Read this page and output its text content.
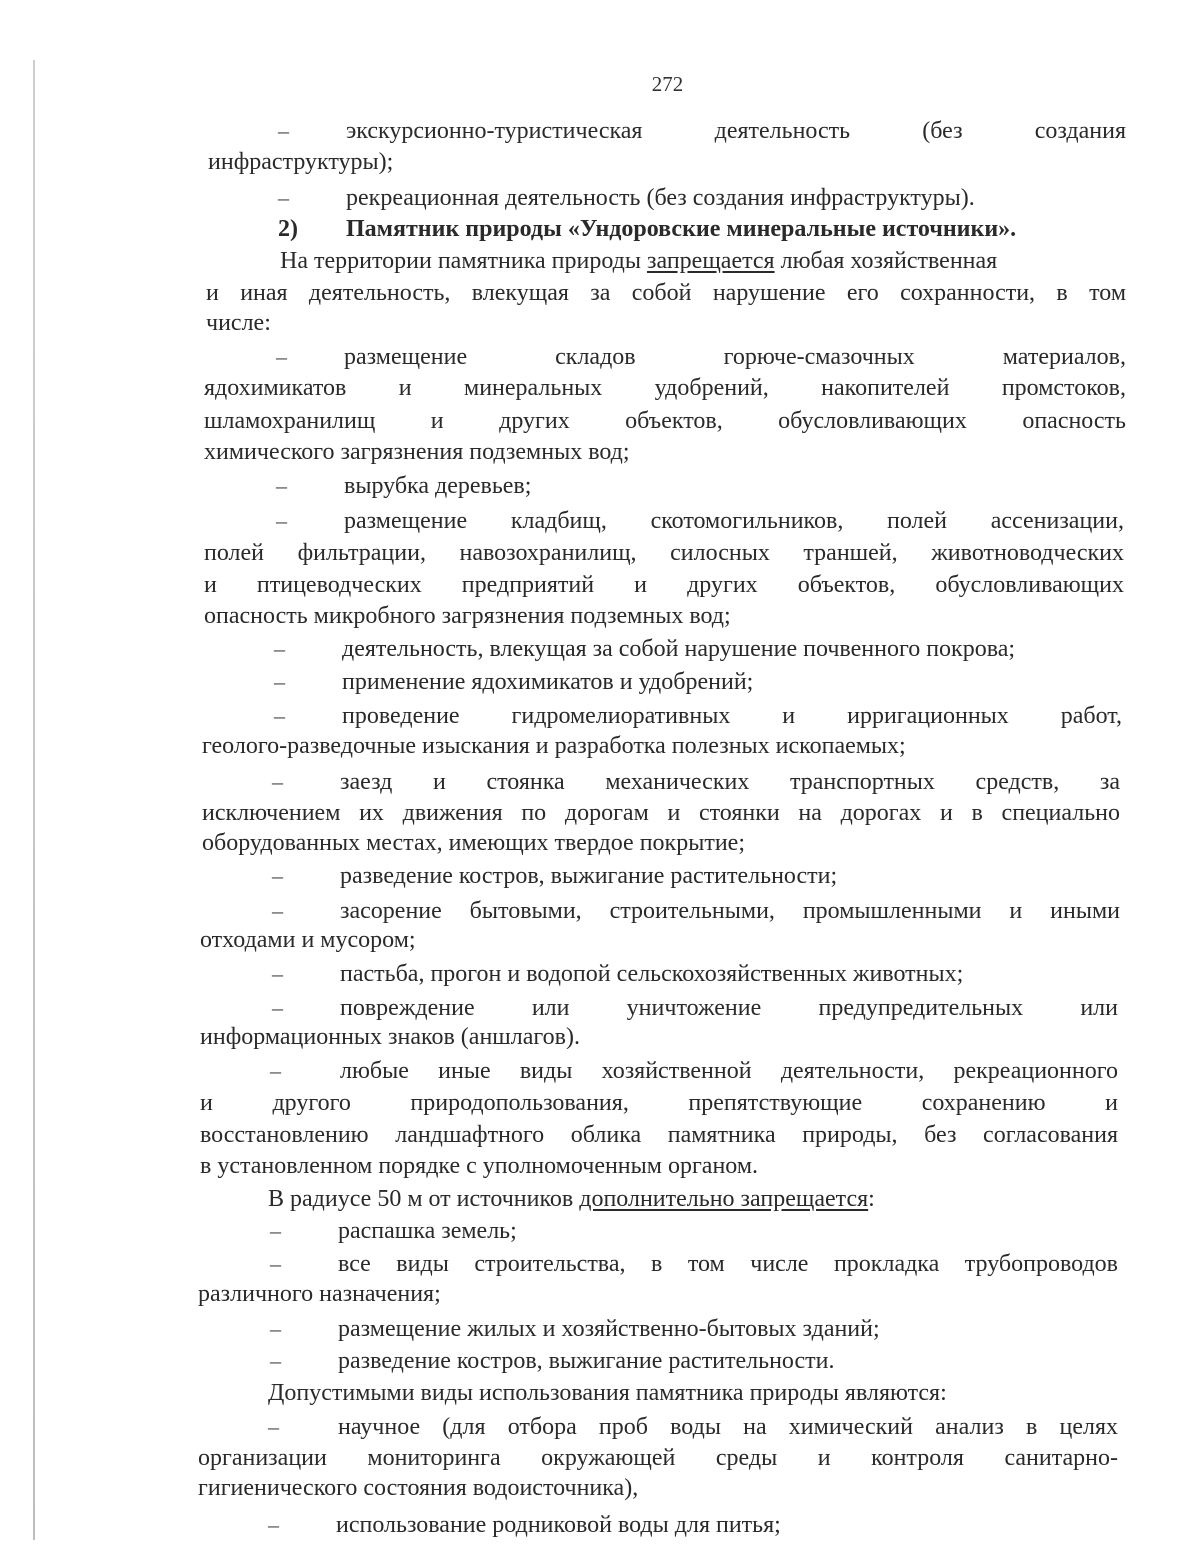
272
– экскурсионно-туристическая деятельность (без создания
инфраструктуры);
– рекреационная деятельность (без создания инфраструктуры).
2) Памятник природы «Ундоровские минеральные источники».
На территории памятника природы запрещается любая хозяйственная
и иная деятельность, влекущая за собой нарушение его сохранности, в том
числе:
– размещение складов горюче-смазочных материалов,
ядохимикатов и минеральных удобрений, накопителей промстоков,
шламохранилищ и других объектов, обусловливающих опасность
химического загрязнения подземных вод;
– вырубка деревьев;
– размещение кладбищ, скотомогильников, полей ассенизации,
полей фильтрации, навозохранилищ, силосных траншей, животноводческих
и птицеводческих предприятий и других объектов, обусловливающих
опасность микробного загрязнения подземных вод;
– деятельность, влекущая за собой нарушение почвенного покрова;
– применение ядохимикатов и удобрений;
– проведение гидромелиоративных и ирригационных работ,
геолого-разведочные изыскания и разработка полезных ископаемых;
– заезд и стоянка механических транспортных средств, за
исключением их движения по дорогам и стоянки на дорогах и в специально
оборудованных местах, имеющих твердое покрытие;
– разведение костров, выжигание растительности;
– засорение бытовыми, строительными, промышленными и иными
отходами и мусором;
– пастьба, прогон и водопой сельскохозяйственных животных;
– повреждение или уничтожение предупредительных или
информационных знаков (аншлагов).
– любые иные виды хозяйственной деятельности, рекреационного
и другого природопользования, препятствующие сохранению и
восстановлению ландшафтного облика памятника природы, без согласования
в установленном порядке с уполномоченным органом.
В радиусе 50 м от источников дополнительно запрещается:
– распашка земель;
– все виды строительства, в том числе прокладка трубопроводов
различного назначения;
– размещение жилых и хозяйственно-бытовых зданий;
– разведение костров, выжигание растительности.
Допустимыми виды использования памятника природы являются:
– научное (для отбора проб воды на химический анализ в целях
организации мониторинга окружающей среды и контроля санитарно-
гигиенического состояния водоисточника),
– использование родниковой воды для питья;
